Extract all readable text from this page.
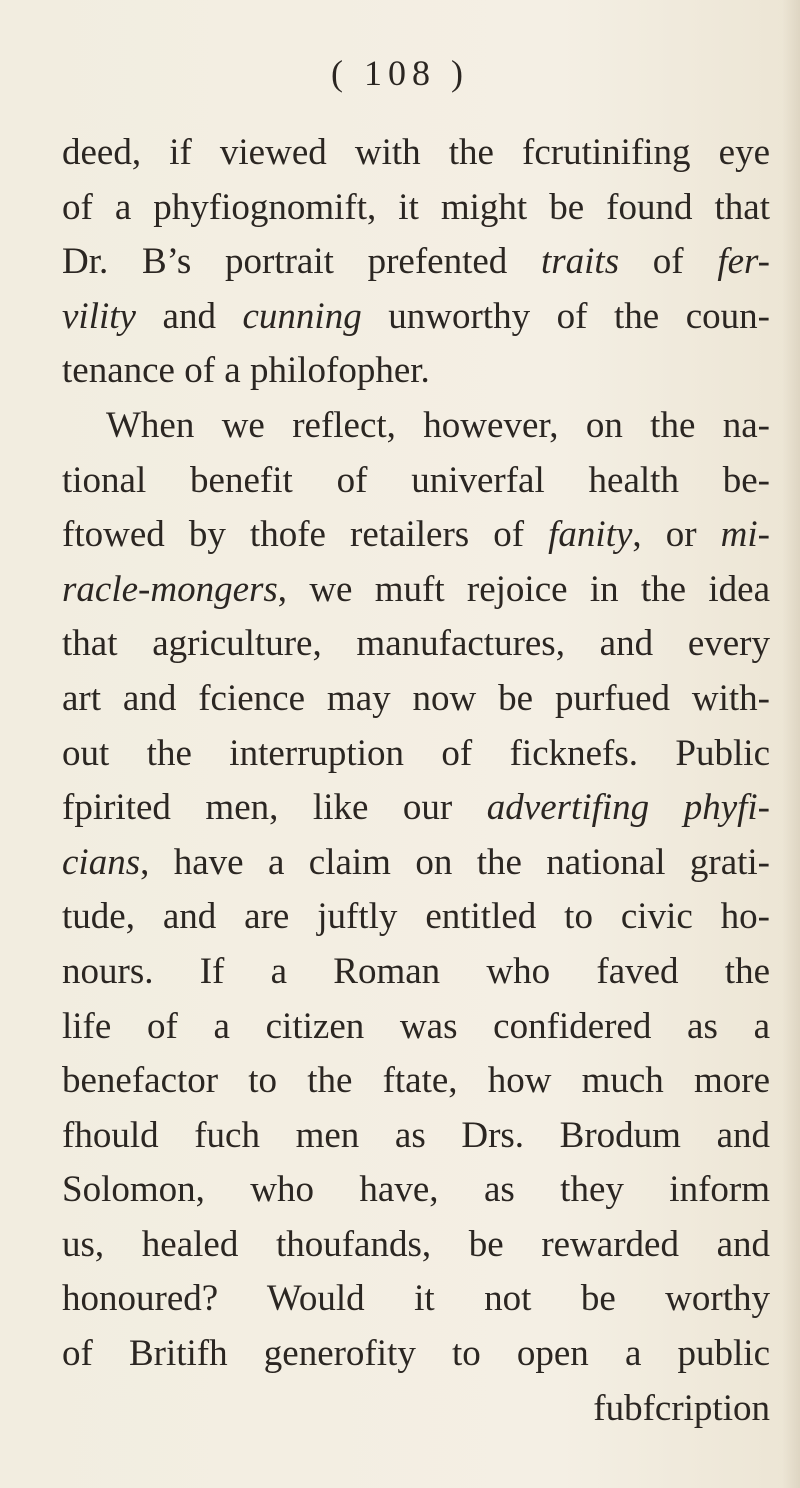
( 108 )
deed, if viewed with the fcrutinifing eye
of a phyfiognomift, it might be found that
Dr. B’s portrait prefented traits of fer-
vility and cunning unworthy of the coun-
tenance of a philofopher.
When we reflect, however, on the na-
tional benefit of univerfal health be-
ftowed by thofe retailers of fanity, or mi-
racle-mongers, we muft rejoice in the idea
that agriculture, manufactures, and every
art and fcience may now be purfued with-
out the interruption of ficknefs. Public
fpirited men, like our advertifing phyfi-
cians, have a claim on the national grati-
tude, and are juftly entitled to civic ho-
nours. If a Roman who faved the
life of a citizen was confidered as a
benefactor to the ftate, how much more
fhould fuch men as Drs. Brodum and
Solomon, who have, as they inform
us, healed thoufands, be rewarded and
honoured? Would it not be worthy
of Britifh generofity to open a public
fubfcription
